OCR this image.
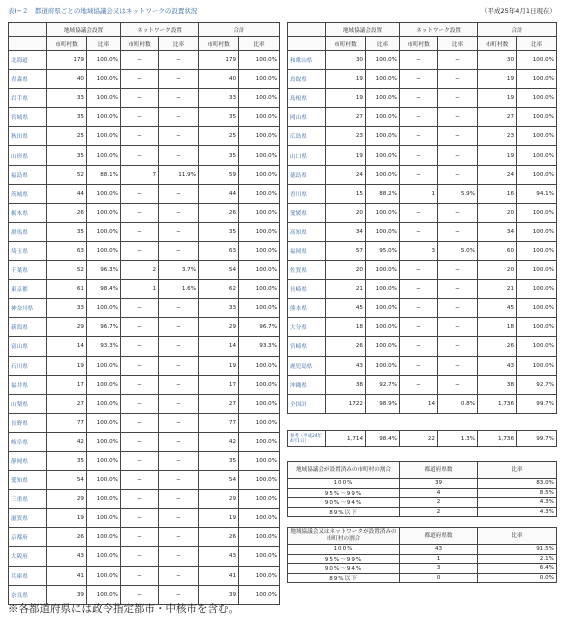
表Ⅰ−２　都道府県ごとの地域協議会又はネットワークの設置状況	（平成25年4月1日現在）
	地域協議会設置		ネットワーク設置		合計	
	市町村数	比率	市町村数	比率	市町村数	比率
北海道	179	100.0%	−	−	179	100.0%
青森県	40	100.0%	−	−	40	100.0%
岩手県	33	100.0%	−	−	33	100.0%
宮城県	35	100.0%	−	−	35	100.0%
秋田県	25	100.0%	−	−	25	100.0%
山形県	35	100.0%	−	−	35	100.0%
福島県	52	88.1%	7	11.9%	59	100.0%
茨城県	44	100.0%	−	−	44	100.0%
栃木県	26	100.0%	−	−	26	100.0%
群馬県	35	100.0%	−	−	35	100.0%
埼玉県	63	100.0%	−	−	63	100.0%
千葉県	52	96.3%	2	3.7%	54	100.0%
東京都	61	98.4%	1	1.6%	62	100.0%
神奈川県	33	100.0%	−	−	33	100.0%
新潟県	29	96.7%	−	−	29	96.7%
富山県	14	93.3%	−	−	14	93.3%
石川県	19	100.0%	−	−	19	100.0%
福井県	17	100.0%	−	−	17	100.0%
山梨県	27	100.0%	−	−	27	100.0%
長野県	77	100.0%	−	−	77	100.0%
岐阜県	42	100.0%	−	−	42	100.0%
静岡県	35	100.0%	−	−	35	100.0%
愛知県	54	100.0%	−	−	54	100.0%
三重県	29	100.0%	−	−	29	100.0%
滋賀県	19	100.0%	−	−	19	100.0%
京都府	26	100.0%	−	−	26	100.0%
大阪府	43	100.0%	−	−	43	100.0%
兵庫県	41	100.0%	−	−	41	100.0%
奈良県	39	100.0%	−	−	39	100.0%
	地域協議会設置		ネットワーク設置		合計	
	市町村数	比率	市町村数	比率	市町村数	比率
和歌山県	30	100.0%	−	−	30	100.0%
鳥取県	19	100.0%	−	−	19	100.0%
島根県	19	100.0%	−	−	19	100.0%
岡山県	27	100.0%	−	−	27	100.0%
広島県	23	100.0%	−	−	23	100.0%
山口県	19	100.0%	−	−	19	100.0%
徳島県	24	100.0%	−	−	24	100.0%
香川県	15	88.2%	1	5.9%	16	94.1%
愛媛県	20	100.0%	−	−	20	100.0%
高知県	34	100.0%	−	−	34	100.0%
福岡県	57	95.0%	3	5.0%	60	100.0%
佐賀県	20	100.0%	−	−	20	100.0%
長崎県	21	100.0%	−	−	21	100.0%
熊本県	45	100.0%	−	−	45	100.0%
大分県	18	100.0%	−	−	18	100.0%
宮崎県	26	100.0%	−	−	26	100.0%
鹿児島県	43	100.0%	−	−	43	100.0%
沖縄県	38	92.7%	−	−	38	92.7%
全国計	1722	98.9%	14	0.8%	1,736	99.7%
参考（平成24年4月1日）	1,714	98.4%	22	1.3%	1,736	99.7%
地域協議会が設置済みの市町村の割合	都道府県数	比率
100%	39	83.0%
95%〜99%	4	8.5%
90%〜94%	2	4.3%
89%以下	2	4.3%
地域協議会又はネットワークが設置済みの市町村の割合	都道府県数	比率
100%	43	91.5%
95%〜99%	1	2.1%
90%〜94%	3	6.4%
89%以下	0	0.0%
※各都道府県には政令指定都市・中核市を含む。
